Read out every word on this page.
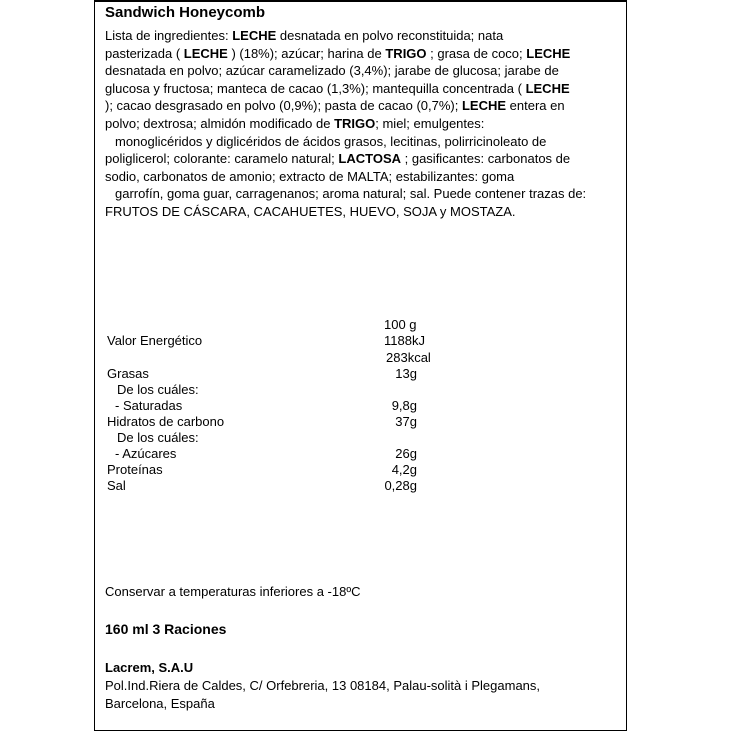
Sandwich Honeycomb

Lista de ingredientes: LECHE desnatada en polvo reconstituida; nata

pasterizada ( LECHE ) (18%); azúcar; harina de TRIGO ; grasa de coco; LECHE

desnatada en polvo; azúcar caramelizado (3,4%); jarabe de glucosa; jarabe de

glucosa y fructosa; manteca de cacao (1,3%); mantequilla concentrada ( LECHE

); cacao desgrasado en polvo (0,9%); pasta de cacao (0,7%); LECHE entera en

polvo; dextrosa; almidón modificado de TRIGO; miel; emulgentes:

monoglicéridos y diglicéridos de ácidos grasos, lecitinas, polirricinoleato de

poliglicerol; colorante: caramelo natural; LACTOSA ; gasificantes: carbonatos de

sodio, carbonatos de amonio; extracto de MALTA; estabilizantes: goma

garrofín, goma guar, carragenanos; aroma natural; sal. Puede contener trazas de:

FRUTOS DE CÁSCARA, CACAHUETES, HUEVO, SOJA y MOSTAZA.

100 g
Valor Energético	1188kJ
283kcal
Grasas	13g
De los cuáles:
- Saturadas	9,8g
Hidratos de carbono	37g
De los cuáles:
- Azúcares	26g
Proteínas	4,2g
Sal	0,28g
Conservar a temperaturas inferiores a -18ºC
160 ml 3 Raciones
Lacrem, S.A.U
Pol.Ind.Riera de Caldes, C/ Orfebreria, 13 08184, Palau-solità i Plegamans,
Barcelona, España
